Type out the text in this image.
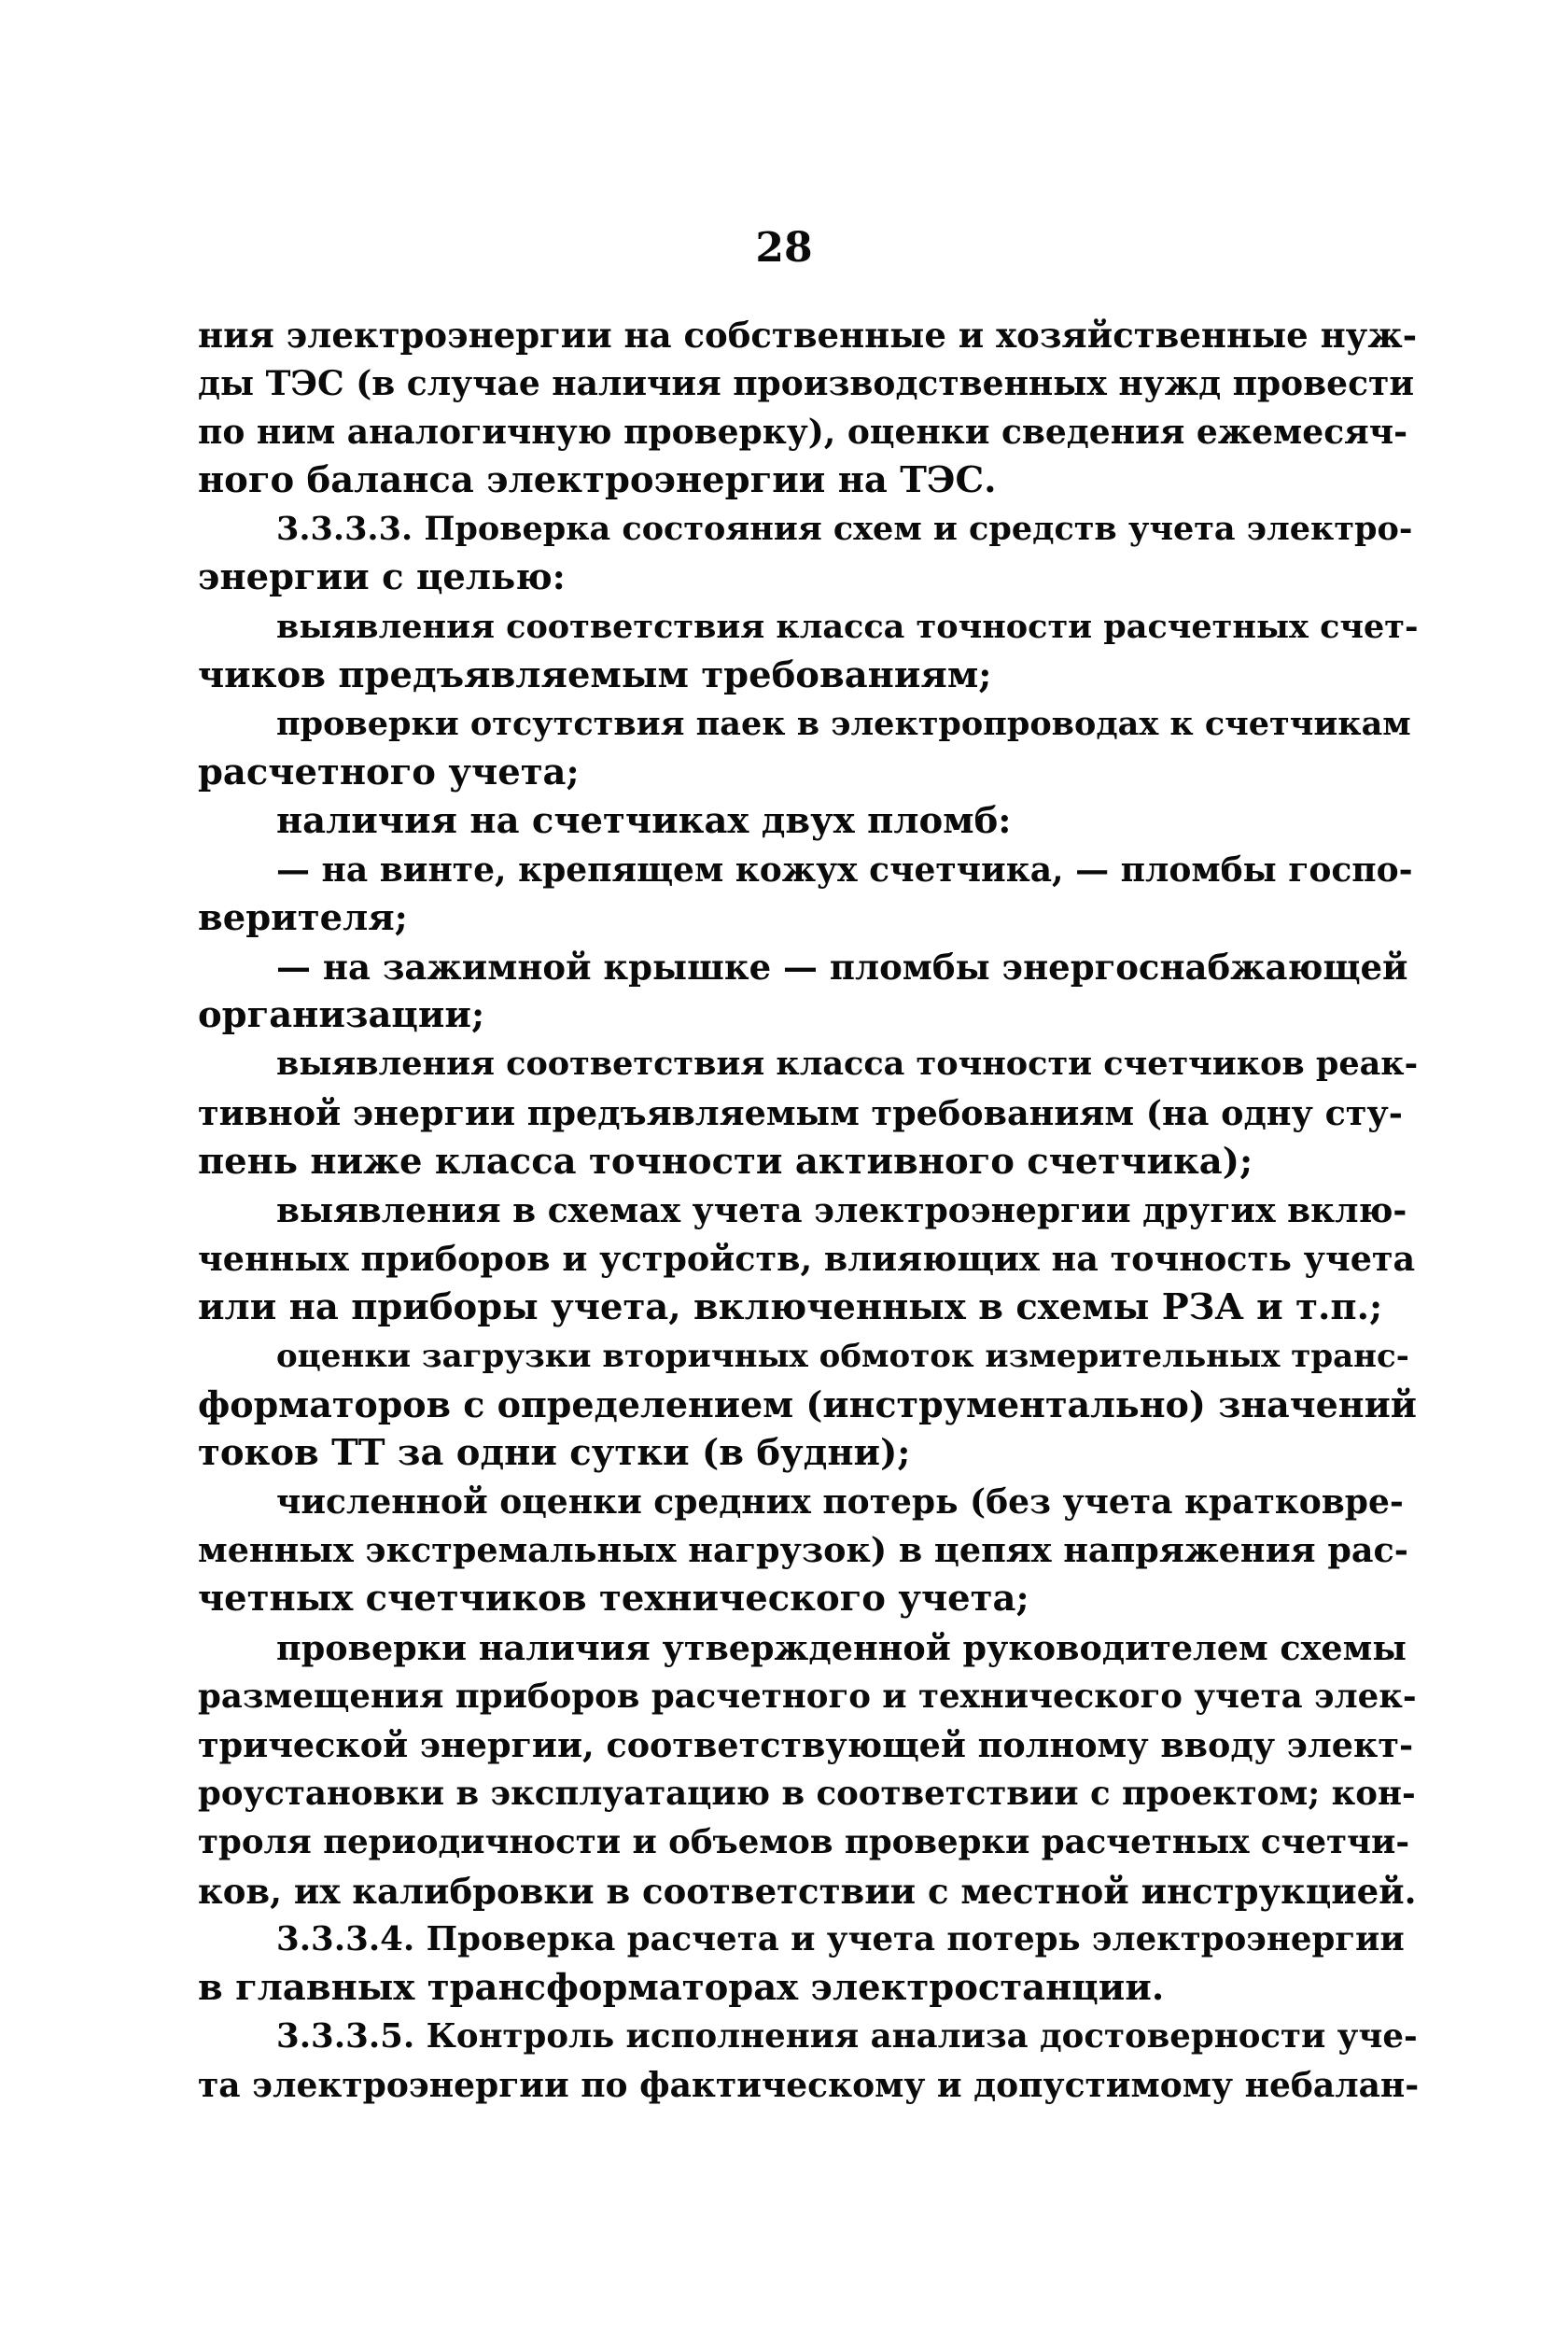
28
ния электроэнергии на собственные и хозяйственные нуж-
ды ТЭС (в случае наличия производственных нужд провести
по ним аналогичную проверку), оценки сведения ежемесяч-
ного баланса электроэнергии на ТЭС.
3.3.3.3. Проверка состояния схем и средств учета электро-
энергии с целью:
выявления соответствия класса точности расчетных счет-
чиков предъявляемым требованиям;
проверки отсутствия паек в электропроводах к счетчикам
расчетного учета;
наличия на счетчиках двух пломб:
— на винте, крепящем кожух счетчика, — пломбы госпо-
верителя;
— на зажимной крышке — пломбы энергоснабжающей
организации;
выявления соответствия класса точности счетчиков реак-
тивной энергии предъявляемым требованиям (на одну сту-
пень ниже класса точности активного счетчика);
выявления в схемах учета электроэнергии других вклю-
ченных приборов и устройств, влияющих на точность учета
или на приборы учета, включенных в схемы РЗА и т.п.;
оценки загрузки вторичных обмоток измерительных транс-
форматоров с определением (инструментально) значений
токов ТТ за одни сутки (в будни);
численной оценки средних потерь (без учета кратковре-
менных экстремальных нагрузок) в цепях напряжения рас-
четных счетчиков технического учета;
проверки наличия утвержденной руководителем схемы
размещения приборов расчетного и технического учета элек-
трической энергии, соответствующей полному вводу элект-
роустановки в эксплуатацию в соответствии с проектом; кон-
троля периодичности и объемов проверки расчетных счетчи-
ков, их калибровки в соответствии с местной инструкцией.
3.3.3.4. Проверка расчета и учета потерь электроэнергии
в главных трансформаторах электростанции.
3.3.3.5. Контроль исполнения анализа достоверности уче-
та электроэнергии по фактическому и допустимому небалан-
